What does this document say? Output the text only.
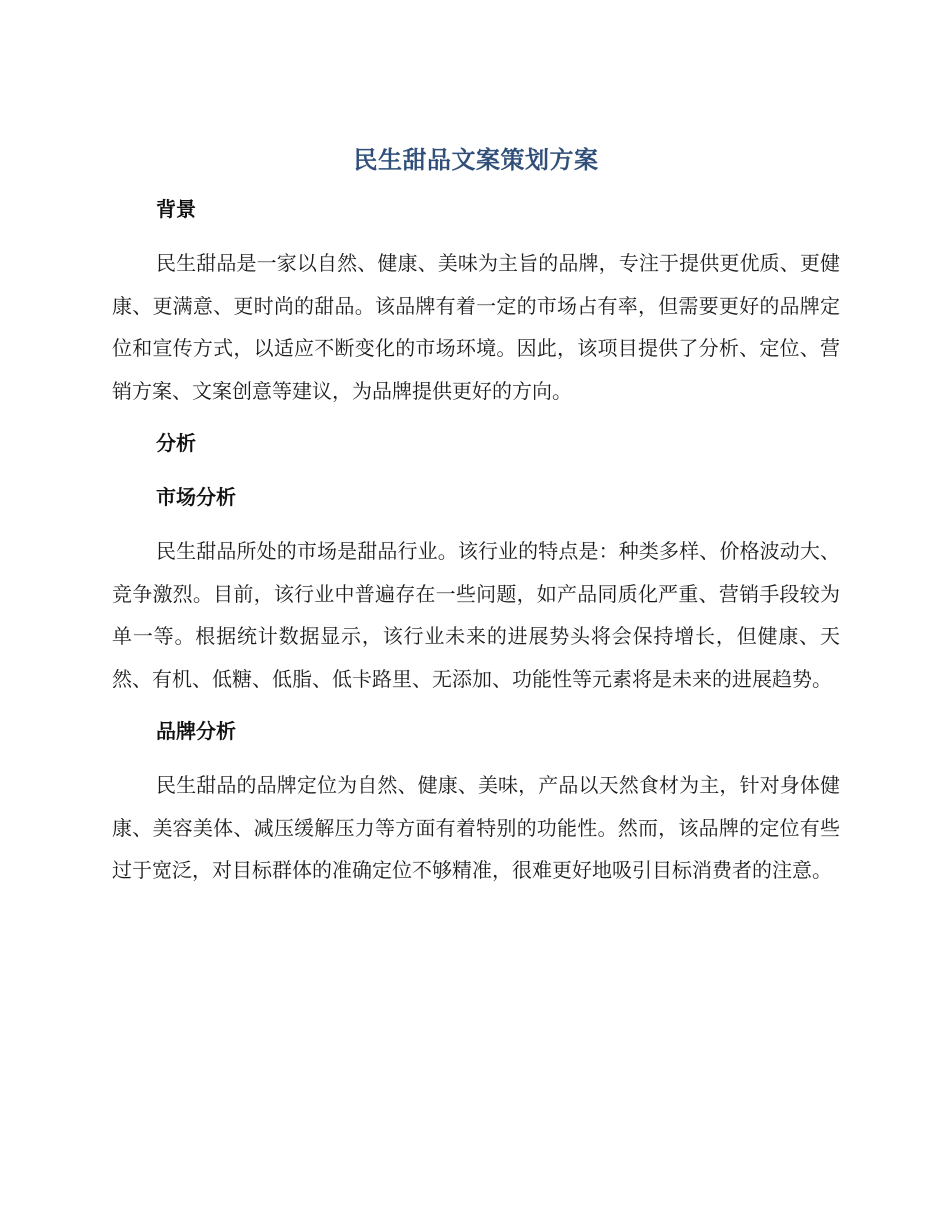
民生甜品文案策划方案
背景

民生甜品是一家以自然、健康、美味为主旨的品牌，专注于提供更优质、更健康、更满意、更时尚的甜品。该品牌有着一定的市场占有率，但需要更好的品牌定位和宣传方式，以适应不断变化的市场环境。因此，该项目提供了分析、定位、营销方案、文案创意等建议，为品牌提供更好的方向。

分析
市场分析

民生甜品所处的市场是甜品行业。该行业的特点是：种类多样、价格波动大、竞争激烈。目前，该行业中普遍存在一些问题，如产品同质化严重、营销手段较为单一等。根据统计数据显示，该行业未来的进展势头将会保持增长，但健康、天然、有机、低糖、低脂、低卡路里、无添加、功能性等元素将是未来的进展趋势。

品牌分析

民生甜品的品牌定位为自然、健康、美味，产品以天然食材为主，针对身体健康、美容美体、减压缓解压力等方面有着特别的功能性。然而，该品牌的定位有些过于宽泛，对目标群体的准确定位不够精准，很难更好地吸引目标消费者的注意。
